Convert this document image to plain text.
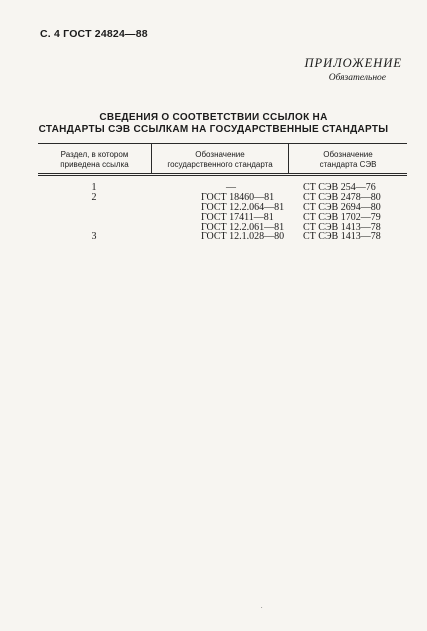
С. 4 ГОСТ 24824—88
ПРИЛОЖЕНИЕ
Обязательное
СВЕДЕНИЯ О СООТВЕТСТВИИ ССЫЛОК НА
СТАНДАРТЫ СЭВ ССЫЛКАМ НА ГОСУДАРСТВЕННЫЕ СТАНДАРТЫ
Раздел, в котором
приведена ссылка
Обозначение
государственного стандарта
Обозначение
стандарта СЭВ
1	—	СТ СЭВ 254—76
2	ГОСТ 18460—81	СТ СЭВ 2478—80
ГОСТ 12.2.064—81 СТ СЭВ 2694—80
ГОСТ 17411—81	СТ СЭВ 1702—79
ГОСТ 12.2.061—81 СТ СЭВ 1413—78
3	ГОСТ 12.1.028—80 СТ СЭВ 1413—78
.
